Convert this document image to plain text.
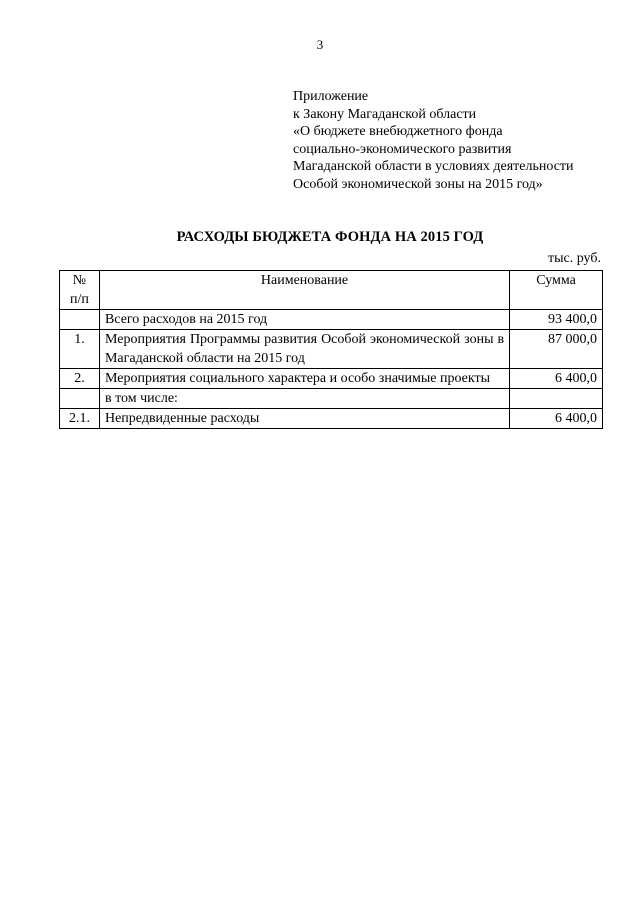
3
Приложение
к Закону Магаданской области
«О бюджете внебюджетного фонда
социально-экономического развития
Магаданской области в условиях деятельности
Особой экономической зоны на 2015 год»
РАСХОДЫ БЮДЖЕТА ФОНДА НА 2015 ГОД
тыс. руб.
№
п/п	Наименование	Сумма
	Всего расходов на 2015 год	93 400,0
1.	Мероприятия Программы развития Особой экономической зоны в Магаданской области на 2015 год	87 000,0
2.	Мероприятия социального характера и особо значимые проекты	6 400,0
	в том числе:	
2.1.	Непредвиденные расходы	6 400,0
